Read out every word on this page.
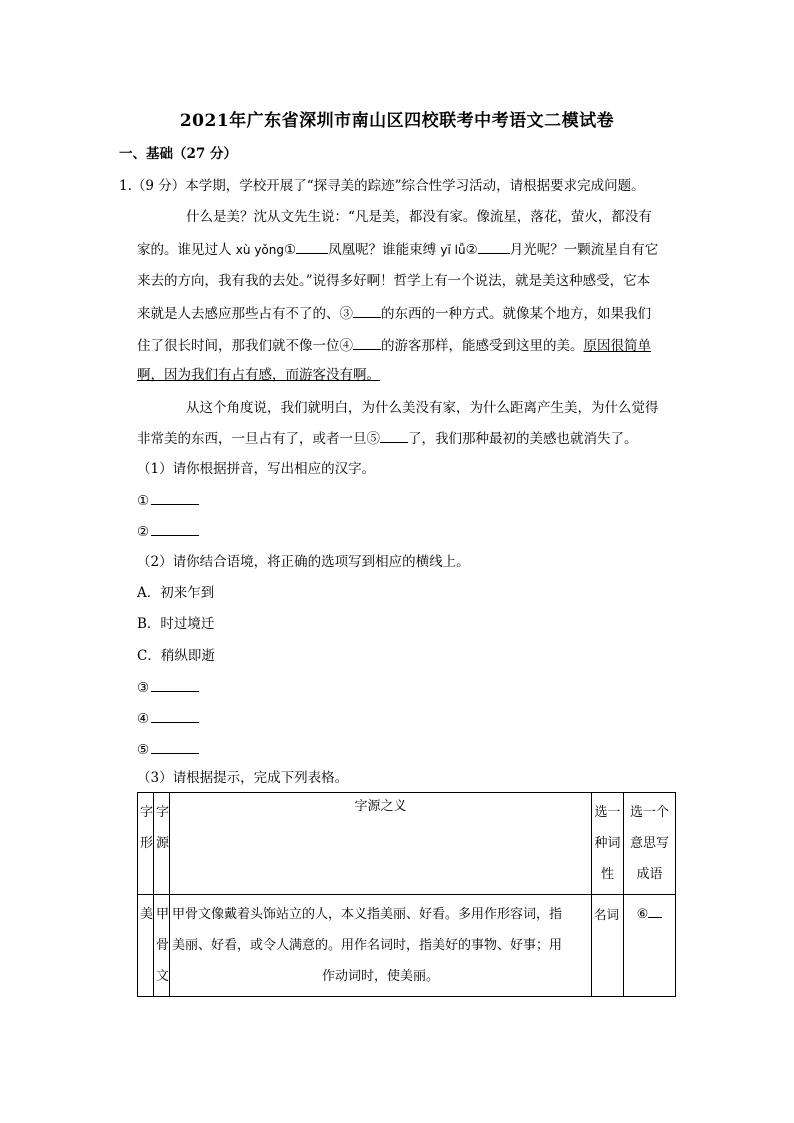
2021年广东省深圳市南山区四校联考中考语文二模试卷
一、基础（27 分）
1.（9 分）本学期，学校开展了“探寻美的踪迹”综合性学习活动，请根据要求完成问题。
什么是美？沈从文先生说：“凡是美，都没有家。像流星，落花，萤火，都没有
家的。谁见过人 xù yǒng① 凤凰呢？谁能束缚 yī lǚ② 月光呢？一颗流星自有它
来去的方向，我有我的去处。”说得多好啊！哲学上有一个说法，就是美这种感受，它本
来就是人去感应那些占有不了的、③ 的东西的一种方式。就像某个地方，如果我们
住了很长时间，那我们就不像一位④ 的游客那样，能感受到这里的美。原因很简单
啊，因为我们有占有感，而游客没有啊。
从这个角度说，我们就明白，为什么美没有家，为什么距离产生美，为什么觉得
非常美的东西，一旦占有了，或者一旦⑤ 了，我们那种最初的美感也就消失了。
（1）请你根据拼音，写出相应的汉字。
①
②
（2）请你结合语境，将正确的选项写到相应的横线上。
A．初来乍到
B．时过境迁
C．稍纵即逝
③
④
⑤
（3）请根据提示，完成下列表格。
字形	字源	字源之义	选一种词性	选一个意思写成语
美	甲骨文	甲骨文像戴着头饰站立的人，本义指美丽、好看。多用作形容词，指
美丽、好看，或令人满意的。用作名词时，指美好的事物、好事；用
作动词时，使美丽。	名词	⑥
